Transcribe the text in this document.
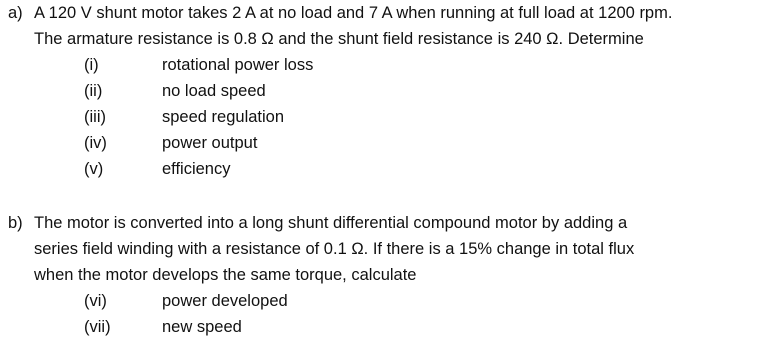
a) A 120 V shunt motor takes 2 A at no load and 7 A when running at full load at 1200 rpm.
The armature resistance is 0.8 Ω and the shunt field resistance is 240 Ω. Determine
(i)	rotational power loss
(ii)	no load speed
(iii)	speed regulation
(iv)	power output
(v)	efficiency
b) The motor is converted into a long shunt differential compound motor by adding a
series field winding with a resistance of 0.1 Ω. If there is a 15% change in total flux
when the motor develops the same torque, calculate
(vi)	power developed
(vii)	new speed
